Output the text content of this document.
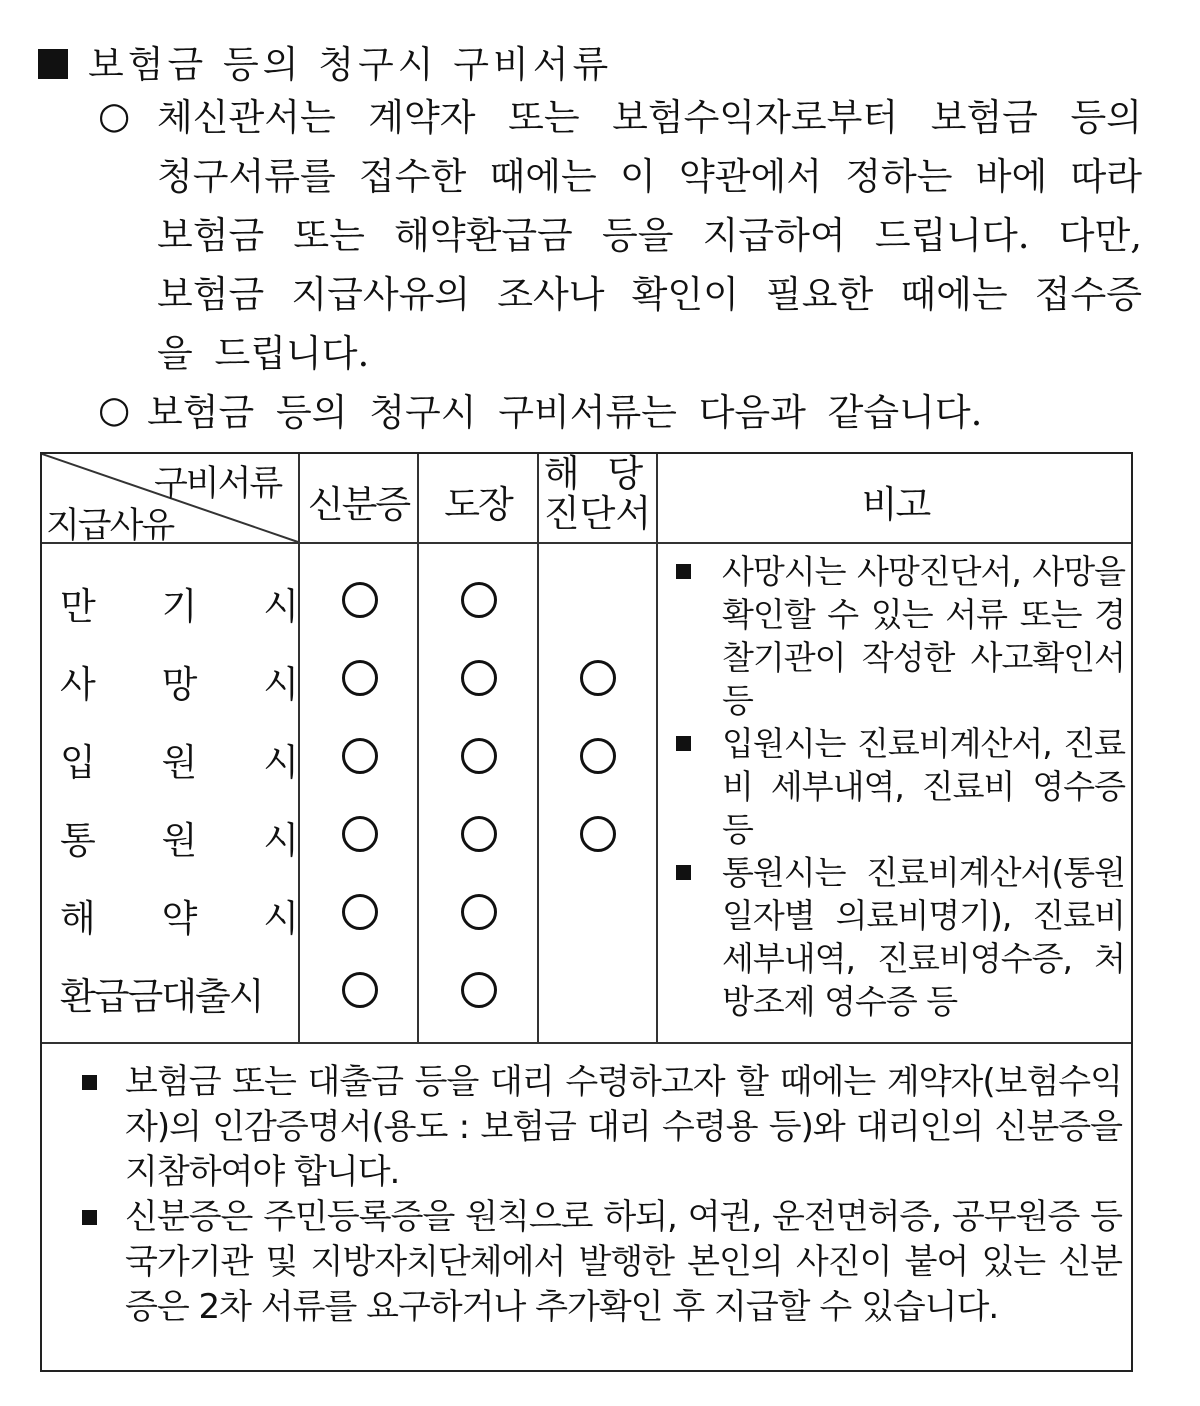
보험금 등의 청구시 구비서류
○ 체신관서는 계약자 또는 보험수익자로부터 보험금 등의 청구서류를 접수한 때에는 이 약관에서 정하는 바에 따라 보험금 또는 해약환급금 등을 지급하여 드립니다. 다만, 보험금 지급사유의 조사나 확인이 필요한 때에는 접수증을 드립니다.
○ 보험금 등의 청구시 구비서류는 다음과 같습니다.
구비서류
지급사유	신분증 도장
해 당
진단서	비고
만 기 시
사 망 시
입 원 시
통 원 시
해 약 시
환급금대출시
사망시는 사망진단서, 사망을 확인할 수 있는 서류 또는 경찰기관이 작성한 사고확인서 등
입원시는 진료비계산서, 진료비 세부내역, 진료비 영수증 등
통원시는 진료비계산서(통원일자별 의료비명기), 진료비 세부내역, 진료비영수증, 처방조제 영수증 등
보험금 또는 대출금 등을 대리 수령하고자 할 때에는 계약자(보험수익자)의 인감증명서(용도 : 보험금 대리 수령용 등)와 대리인의 신분증을 지참하여야 합니다.
신분증은 주민등록증을 원칙으로 하되, 여권, 운전면허증, 공무원증 등 국가기관 및 지방자치단체에서 발행한 본인의 사진이 붙어 있는 신분증은 2차 서류를 요구하거나 추가확인 후 지급할 수 있습니다.
